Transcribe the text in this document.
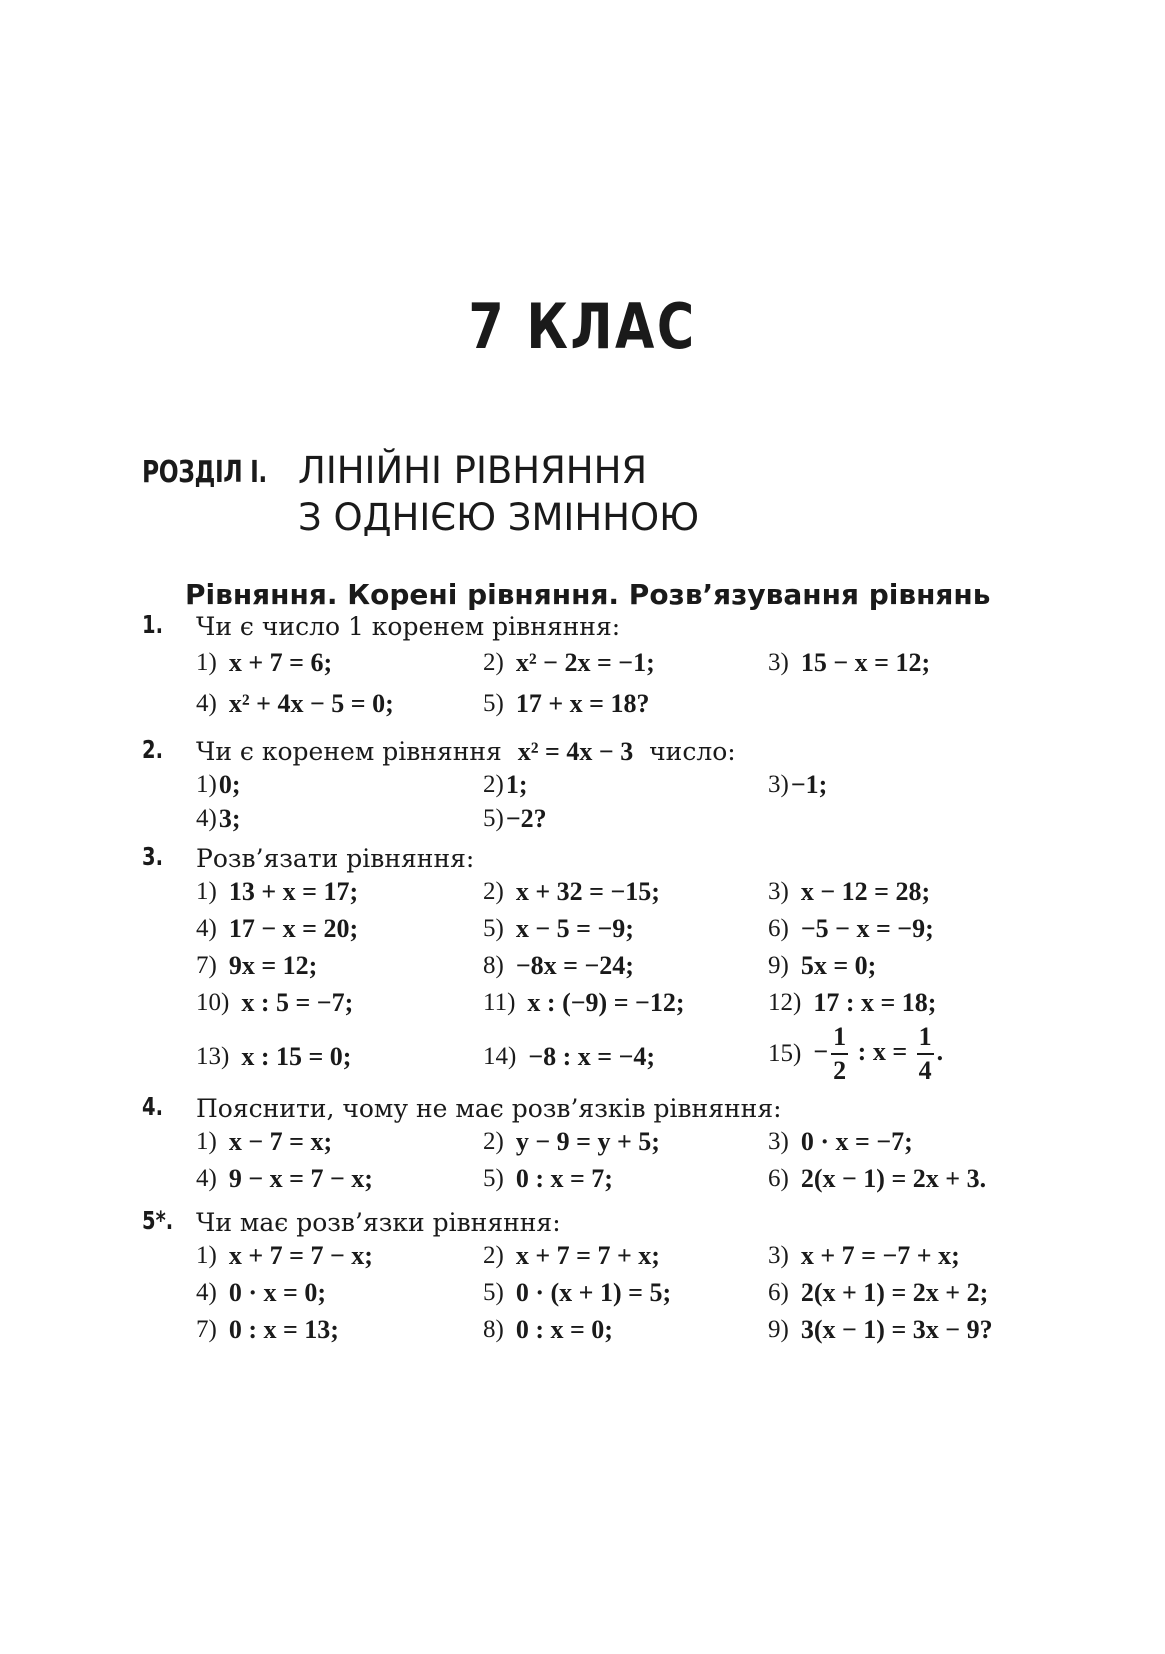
7 КЛАС
РОЗДІЛ І. ЛІНІЙНІ РІВНЯННЯ
З ОДНІЄЮ ЗМІННОЮ
Рівняння. Корені рівняння. Розв’язування рівнянь
1. Чи є число 1 коренем рівняння:
1) x + 7 = 6;	2) x² − 2x = −1;	3) 15 − x = 12;
4) x² + 4x − 5 = 0;	5) 17 + x = 18?
2. Чи є коренем рівняння x² = 4x − 3 число:
1) 0;	2) 1;	3) −1;
4) 3;	5) −2?
3. Розв’язати рівняння:
1) 13 + x = 17;	2) x + 32 = −15;	3) x − 12 = 28;
4) 17 − x = 20;	5) x − 5 = −9;	6) −5 − x = −9;
7) 9x = 12;	8) −8x = −24;	9) 5x = 0;
10) x : 5 = −7;	11) x : (−9) = −12;	12) 17 : x = 18;
13) x : 15 = 0;	14) −8 : x = −4;	$15) - \frac{1}{2}$ : $x = \frac{1}{4}$ .
4. Пояснити, чому не має розв’язків рівняння:
1) x − 7 = x;	2) y − 9 = y + 5;	3) 0 · x = −7;
4) 9 − x = 7 − x;	5) 0 : x = 7;	6) 2(x − 1) = 2x + 3.
5*. Чи має розв’язки рівняння:
1) x + 7 = 7 − x;	2) x + 7 = 7 + x;	3) x + 7 = −7 + x;
4) 0 · x = 0;	5) 0 · (x + 1) = 5;	6) 2(x + 1) = 2x + 2;
7) 0 : x = 13;	8) 0 : x = 0;	9) 3(x − 1) = 3x − 9?
